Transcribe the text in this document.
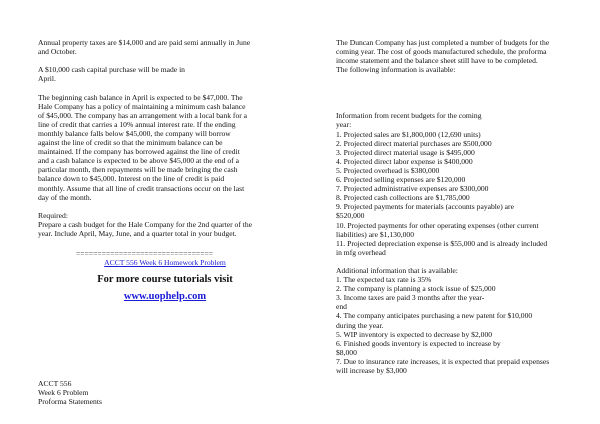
Annual property taxes are $14,000 and are paid semi annually in June
and October.

A $10,000 cash capital purchase will be made in
April.

The beginning cash balance in April is expected to be $47,000. The
Hale Company has a policy of maintaining a minimum cash balance
of $45,000. The company has an arrangement with a local bank for a
line of credit that carries a 10% annual interest rate. If the ending
monthly balance falls below $45,000, the company will borrow
against the line of credit so that the minimum balance can be
maintained. If the company has borrowed against the line of credit
and a cash balance is expected to be above $45,000 at the end of a
particular month, then repayments will be made bringing the cash
balance down to $45,000. Interest on the line of credit is paid
monthly. Assume that all line of credit transactions occur on the last
day of the month.

Required:

Prepare a cash budget for the Hale Company for the 2nd quarter of the
year. Include April, May, June, and a quarter total in your budget.

================================
ACCT 556 Week 6 Homework Problem
For more course tutorials visit
www.uophelp.com
ACCT 556
Week 6 Problem
Proforma Statements

The Duncan Company has just completed a number of budgets for the
coming year. The cost of goods manufactured schedule, the proforma
income statement and the balance sheet still have to be completed.
The following information is available:

Information from recent budgets for the coming
year:

1. Projected sales are $1,800,000 (12,690 units)
2. Projected direct material purchases are $500,000
3. Projected direct material usage is $495,000
4. Projected direct labor expense is $400,000
5. Projected overhead is $380,000
6. Projected selling expenses are $120,000
7. Projected administrative expenses are $300,000
8. Projected cash collections are $1,785,000
9. Projected payments for materials (accounts payable) are
$520,000
10. Projected payments for other operating expenses (other current
liabilities) are $1,130,000
11. Projected depreciation expense is $55,000 and is already included
in mfg overhead

Additional information that is available:

1. The expected tax rate is 35%
2. The company is planning a stock issue of $25,000
3. Income taxes are paid 3 months after the year-
end
4. The company anticipates purchasing a new patent for $10,000
during the year.
5. WIP inventory is expected to decrease by $2,000
6. Finished goods inventory is expected to increase by
$8,000
7. Due to insurance rate increases, it is expected that prepaid expenses
will increase by $3,000
